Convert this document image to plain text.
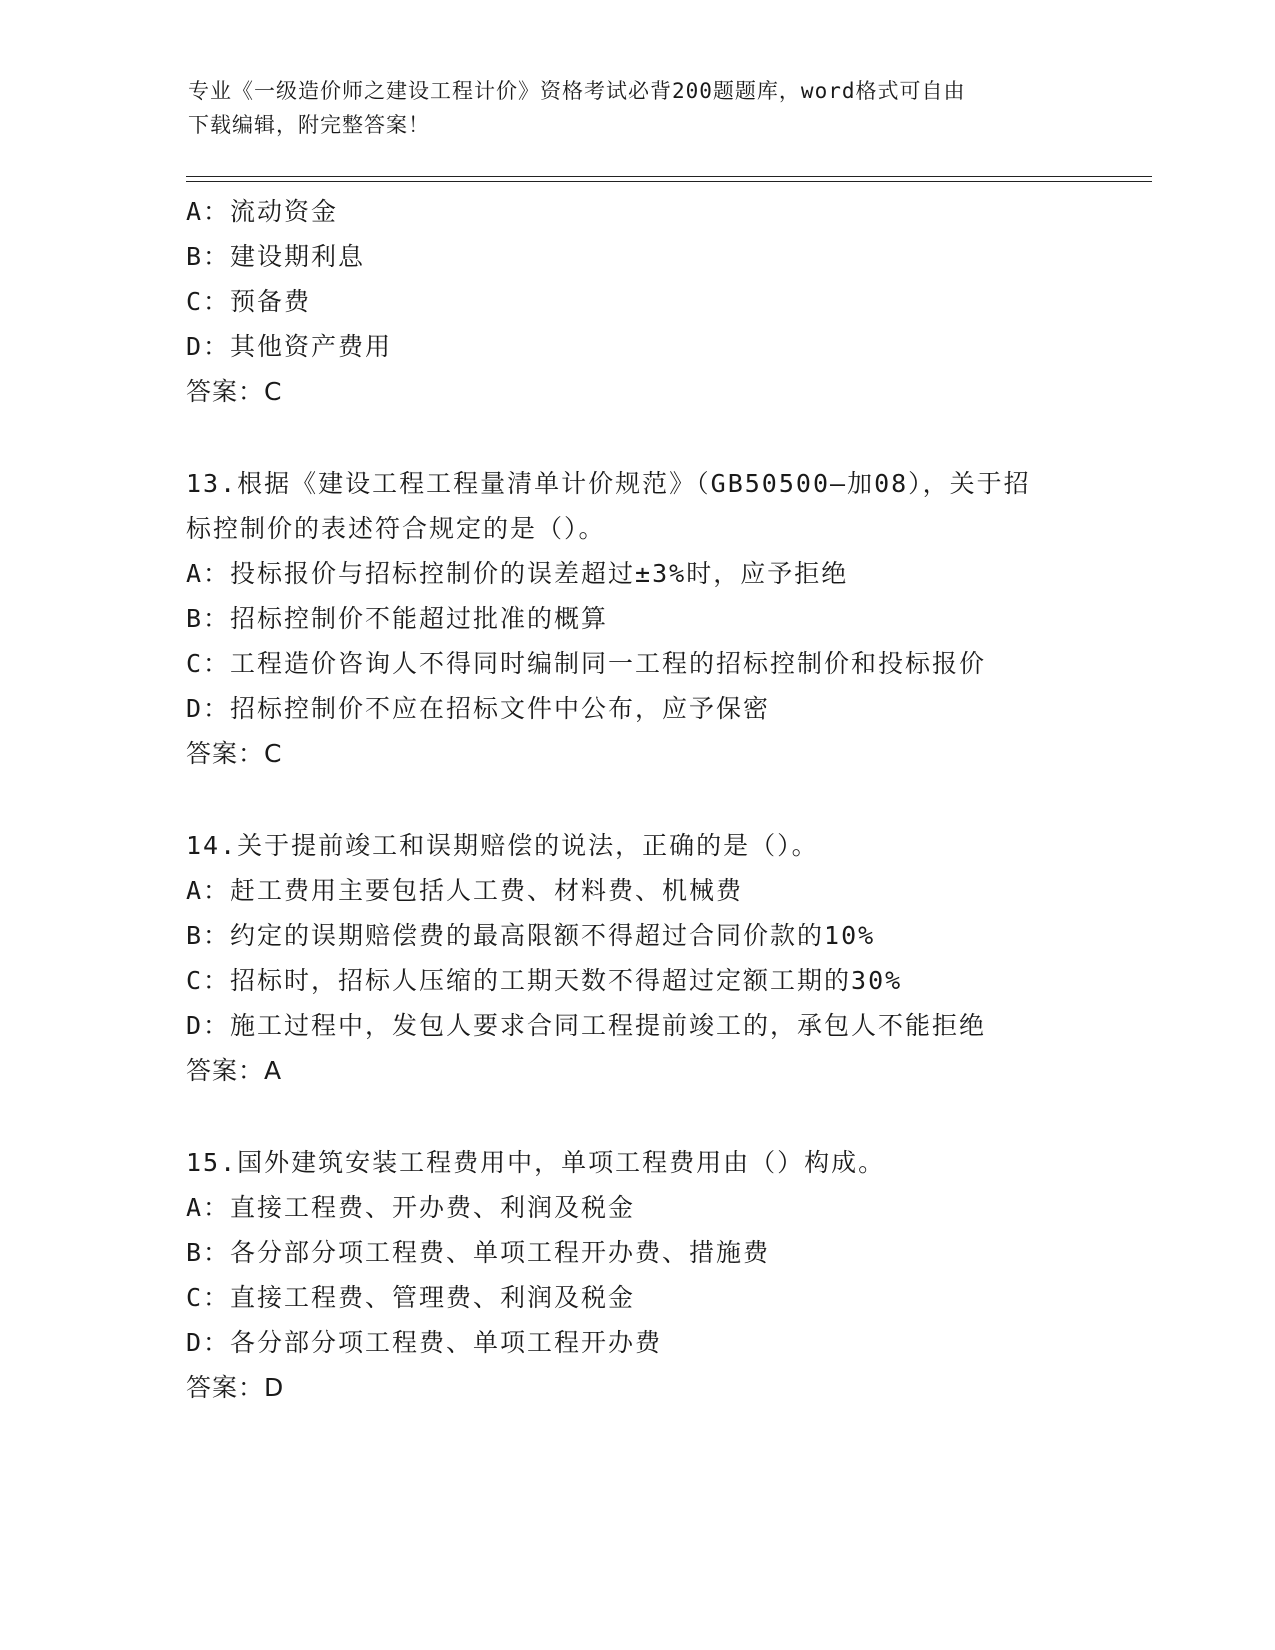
专业《一级造价师之建设工程计价》资格考试必背200题题库，word格式可自由
下载编辑，附完整答案！
A：流动资金
B：建设期利息
C：预备费
D：其他资产费用
答案：C
13.根据《建设工程工程量清单计价规范》（GB50500—加08），关于招
标控制价的表述符合规定的是（）。
A：投标报价与招标控制价的误差超过±3%时，应予拒绝
B：招标控制价不能超过批准的概算
C：工程造价咨询人不得同时编制同一工程的招标控制价和投标报价
D：招标控制价不应在招标文件中公布，应予保密
答案：C
14.关于提前竣工和误期赔偿的说法，正确的是（）。
A：赶工费用主要包括人工费、材料费、机械费
B：约定的误期赔偿费的最高限额不得超过合同价款的10%
C：招标时，招标人压缩的工期天数不得超过定额工期的30%
D：施工过程中，发包人要求合同工程提前竣工的，承包人不能拒绝
答案：A
15.国外建筑安装工程费用中，单项工程费用由（）构成。
A：直接工程费、开办费、利润及税金
B：各分部分项工程费、单项工程开办费、措施费
C：直接工程费、管理费、利润及税金
D：各分部分项工程费、单项工程开办费
答案：D
